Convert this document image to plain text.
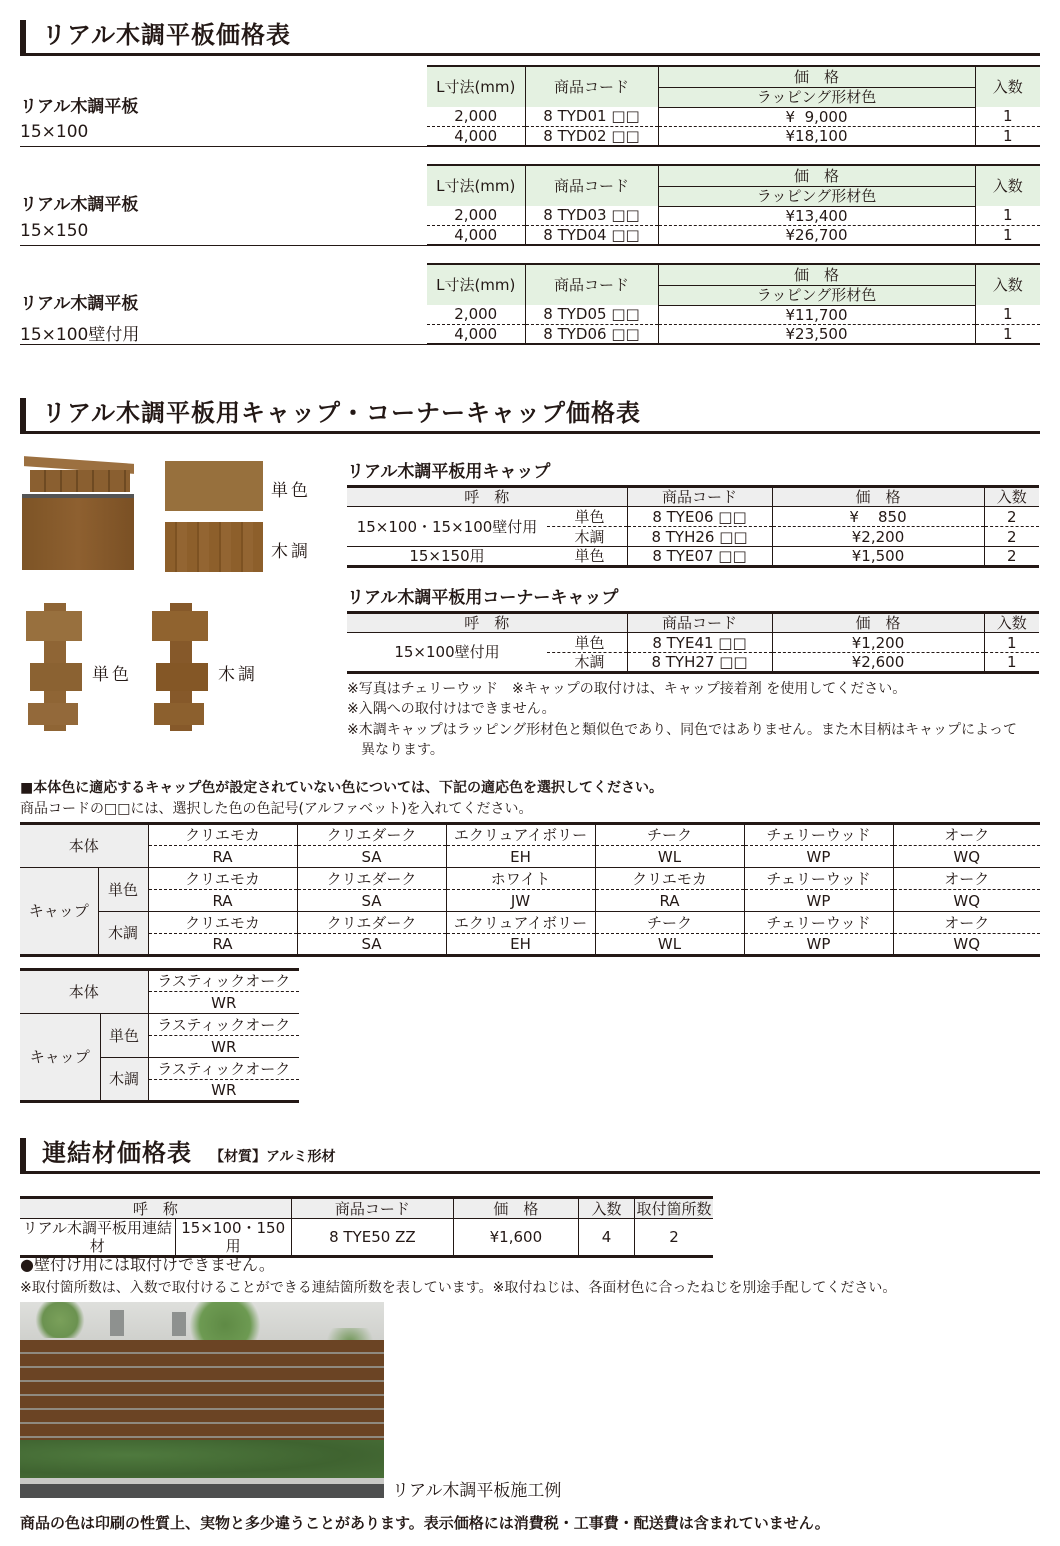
リアル木調平板価格表
リアル木調平板
15×100
L寸法(mm)	商品コード	価　格	入数
		ラッピング形材色	
2,000	8 TYD01 □□	¥  9,000	1
4,000	8 TYD02 □□	¥18,100	1
リアル木調平板
15×150
L寸法(mm)	商品コード	価　格	入数
		ラッピング形材色	
2,000	8 TYD03 □□	¥13,400	1
4,000	8 TYD04 □□	¥26,700	1
リアル木調平板
15×100壁付用
L寸法(mm)	商品コード	価　格	入数
		ラッピング形材色	
2,000	8 TYD05 □□	¥11,700	1
4,000	8 TYD06 □□	¥23,500	1
リアル木調平板用キャップ・コーナーキャップ価格表
単色
木調
単色	木調
リアル木調平板用キャップ
呼　称		商品コード	価　格	入数
15×100・15×100壁付用	単色	8 TYE06 □□	¥    850	2
	木調	8 TYH26 □□	¥2,200	2
15×150用	単色	8 TYE07 □□	¥1,500	2
リアル木調平板用コーナーキャップ
呼　称		商品コード	価　格	入数
15×100壁付用	単色	8 TYE41 □□	¥1,200	1
	木調	8 TYH27 □□	¥2,600	1
※写真はチェリーウッド　※キャップの取付けは、キャップ接着剤 を使用してください。
※入隅への取付けはできません。
※木調キャップはラッピング形材色と類似色であり、同色ではありません。また木目柄はキャップによって
　異なります。
■本体色に適応するキャップ色が設定されていない色については、下記の適応色を選択してください。
商品コードの□□には、選択した色の色記号(アルファベット)を入れてください。
本体		クリエモカ	クリエダーク	エクリュアイボリー	チーク	チェリーウッド	オーク
		RA	SA	EH	WL	WP	WQ
キャップ	単色	クリエモカ	クリエダーク	ホワイト	クリエモカ	チェリーウッド	オーク
		RA	SA	JW	RA	WP	WQ
	木調	クリエモカ	クリエダーク	エクリュアイボリー	チーク	チェリーウッド	オーク
		RA	SA	EH	WL	WP	WQ
本体		ラスティックオーク
		WR
キャップ	単色	ラスティックオーク
		WR
	木調	ラスティックオーク
		WR
連結材価格表 【材質】アルミ形材
呼　称		商品コード	価　格	入数	取付箇所数
リアル木調平板用連結材	15×100・150用	8 TYE50 ZZ	¥1,600	4	2
●壁付け用には取付けできません。
※取付箇所数は、入数で取付けることができる連結箇所数を表しています。※取付ねじは、各面材色に合ったねじを別途手配してください。
リアル木調平板施工例
商品の色は印刷の性質上、実物と多少違うことがあります。表示価格には消費税・工事費・配送費は含まれていません。
